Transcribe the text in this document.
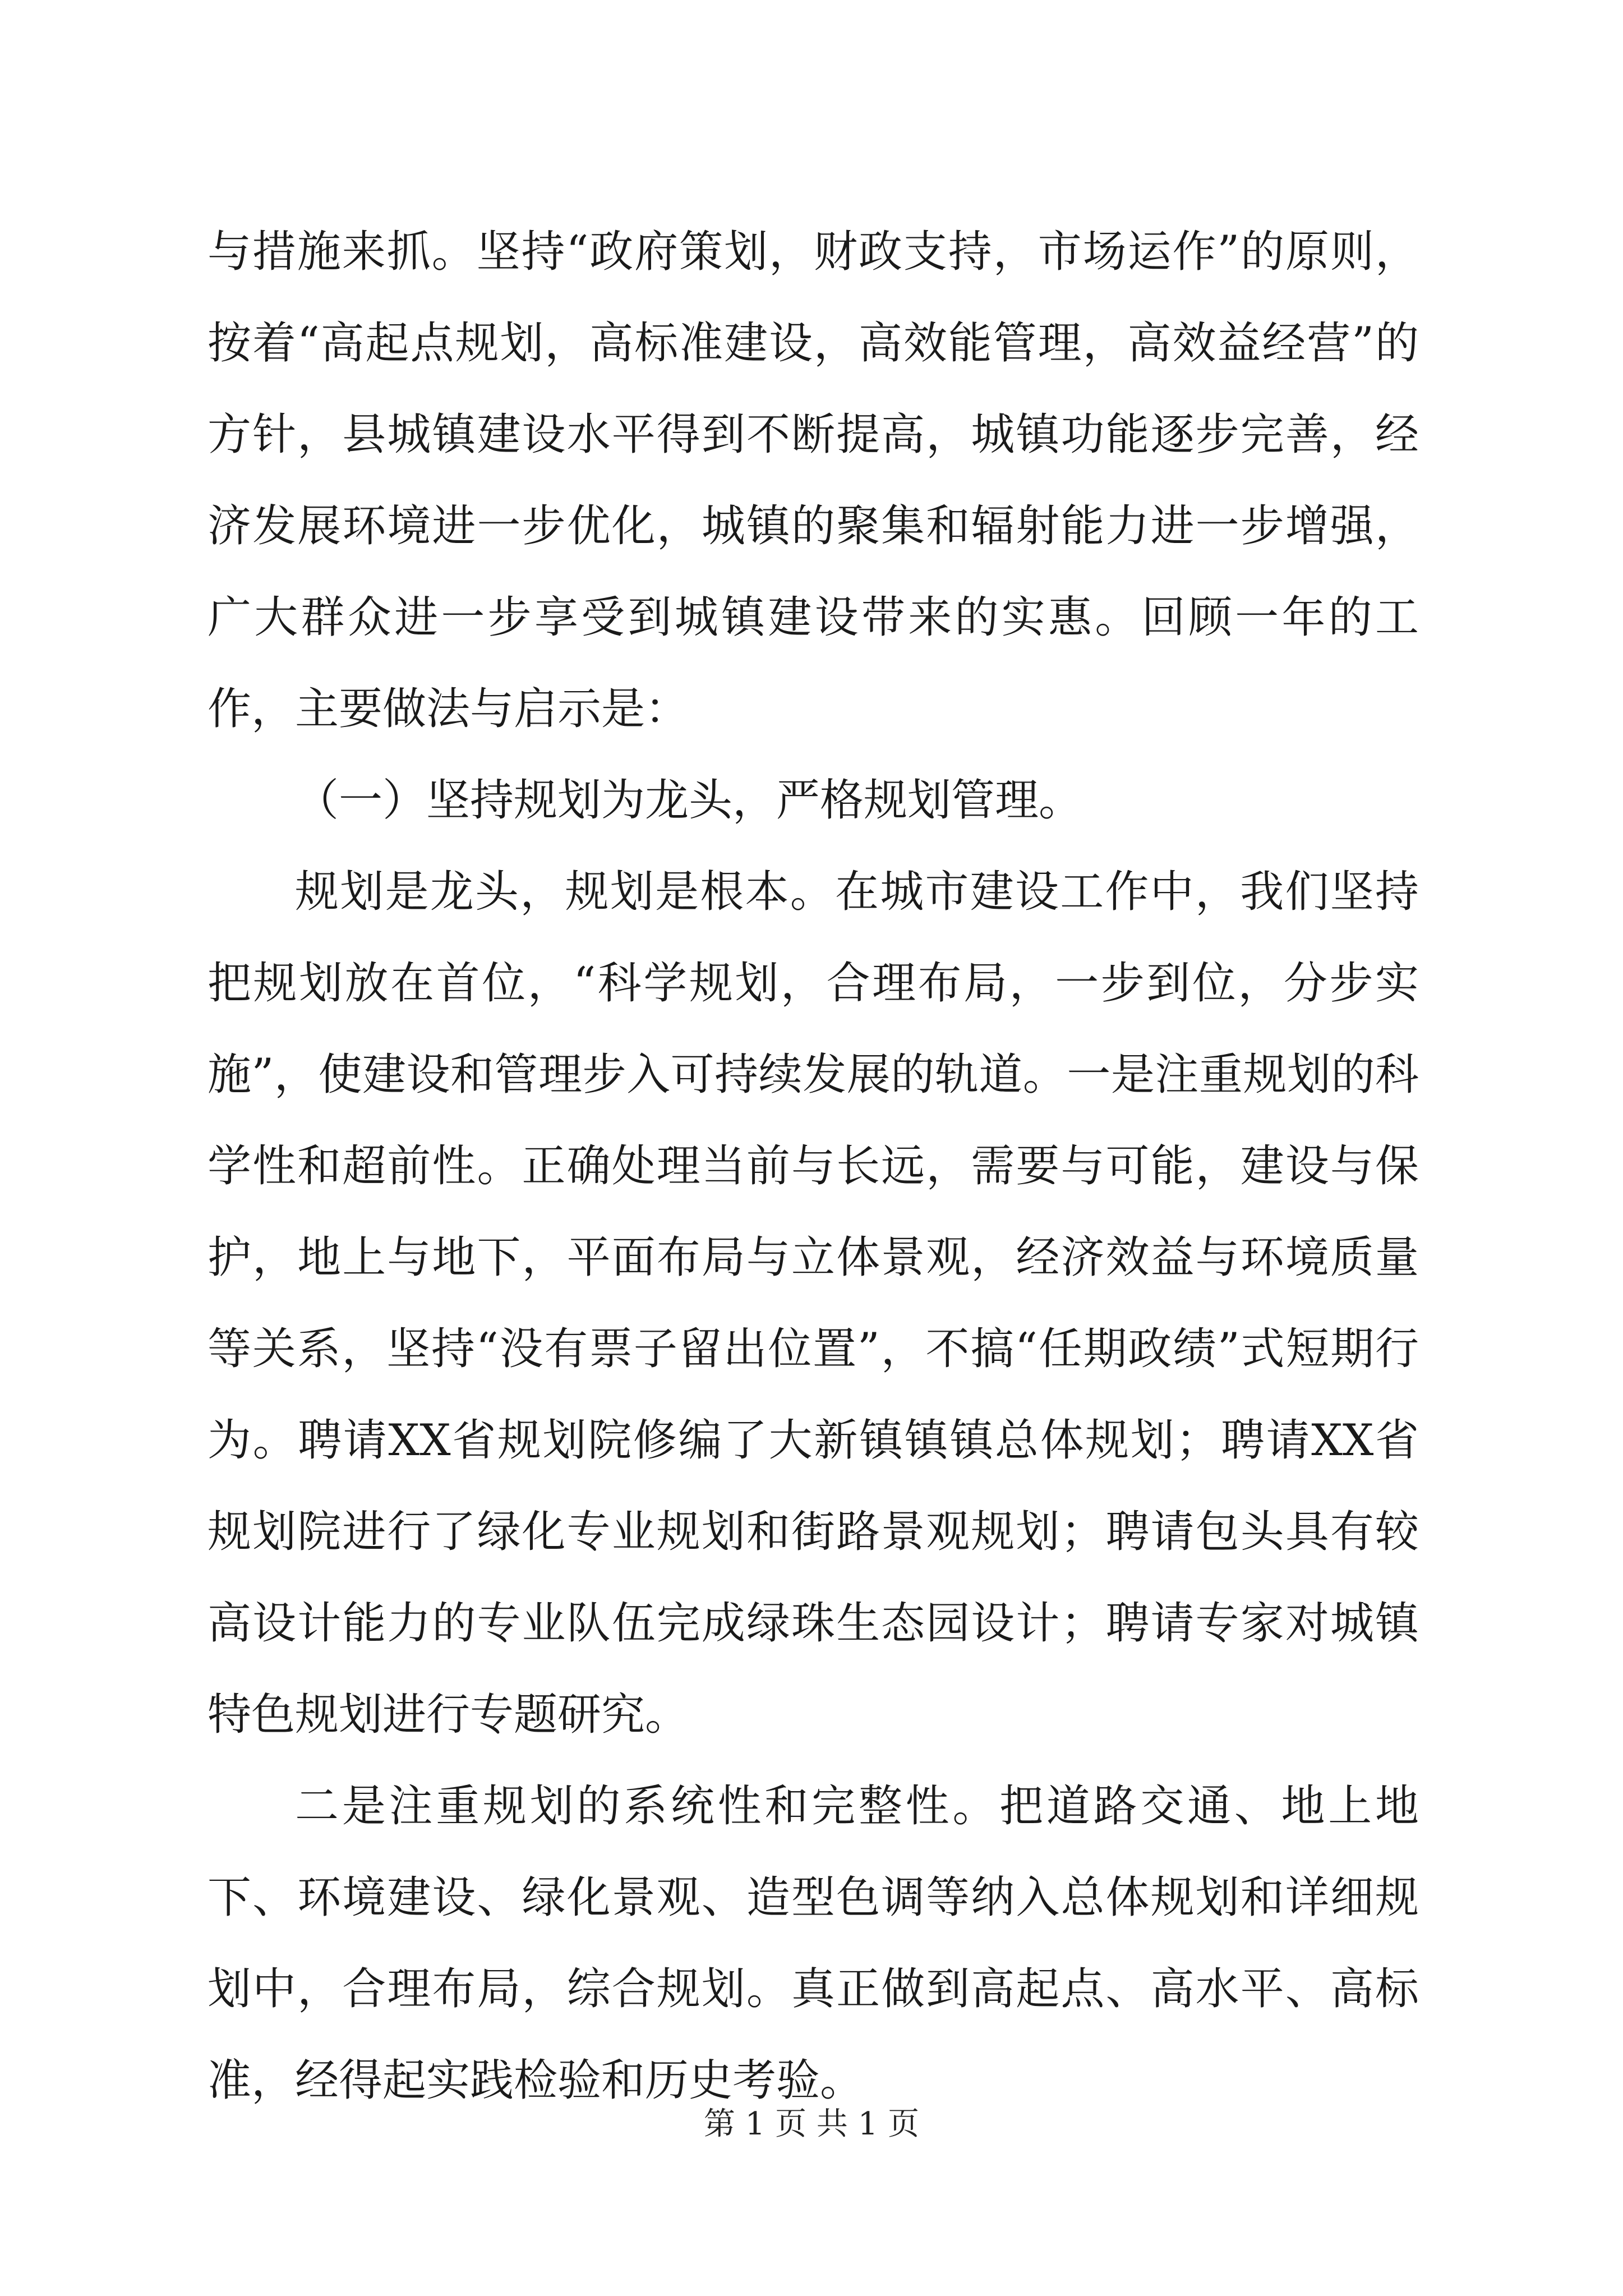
与措施来抓。坚持“政府策划，财政支持，市场运作”的原则，按着“高起点规划，高标准建设，高效能管理，高效益经营”的方针，县城镇建设水平得到不断提高，城镇功能逐步完善，经济发展环境进一步优化，城镇的聚集和辐射能力进一步增强，广大群众进一步享受到城镇建设带来的实惠。回顾一年的工作，主要做法与启示是：

（一）坚持规划为龙头，严格规划管理。

规划是龙头，规划是根本。在城市建设工作中，我们坚持把规划放在首位，“科学规划，合理布局，一步到位，分步实施”，使建设和管理步入可持续发展的轨道。一是注重规划的科学性和超前性。正确处理当前与长远，需要与可能，建设与保护，地上与地下，平面布局与立体景观，经济效益与环境质量等关系，坚持“没有票子留出位置”，不搞“任期政绩”式短期行为。聘请XX省规划院修编了大新镇镇镇总体规划；聘请XX省规划院进行了绿化专业规划和街路景观规划；聘请包头具有较高设计能力的专业队伍完成绿珠生态园设计；聘请专家对城镇特色规划进行专题研究。

二是注重规划的系统性和完整性。把道路交通、地上地下、环境建设、绿化景观、造型色调等纳入总体规划和详细规划中，合理布局，综合规划。真正做到高起点、高水平、高标准，经得起实践检验和历史考验。

第 1 页 共 1 页
